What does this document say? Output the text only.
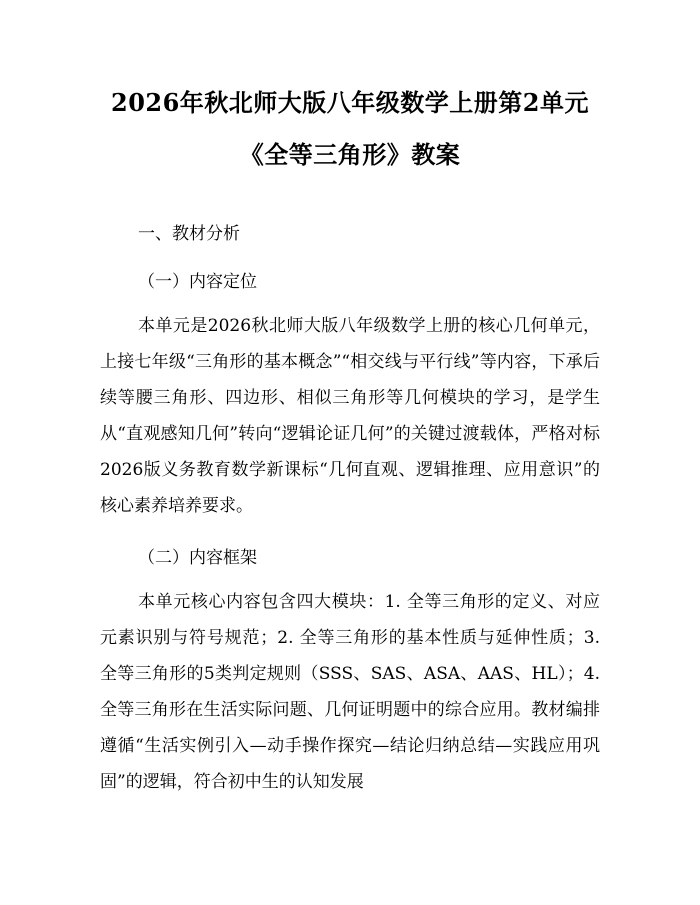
2026年秋北师大版八年级数学上册第2单元
《全等三角形》教案
一、教材分析
（一）内容定位

本单元是2026秋北师大版八年级数学上册的核心几何单元，上接七年级“三角形的基本概念”“相交线与平行线”等内容，下承后续等腰三角形、四边形、相似三角形等几何模块的学习，是学生从“直观感知几何”转向“逻辑论证几何”的关键过渡载体，严格对标2026版义务教育数学新课标“几何直观、逻辑推理、应用意识”的核心素养培养要求。

（二）内容框架

本单元核心内容包含四大模块：1. 全等三角形的定义、对应元素识别与符号规范；2. 全等三角形的基本性质与延伸性质；3. 全等三角形的5类判定规则（SSS、SAS、ASA、AAS、HL）；4. 全等三角形在生活实际问题、几何证明题中的综合应用。教材编排遵循“生活实例引入—动手操作探究—结论归纳总结—实践应用巩固”的逻辑，符合初中生的认知发展
